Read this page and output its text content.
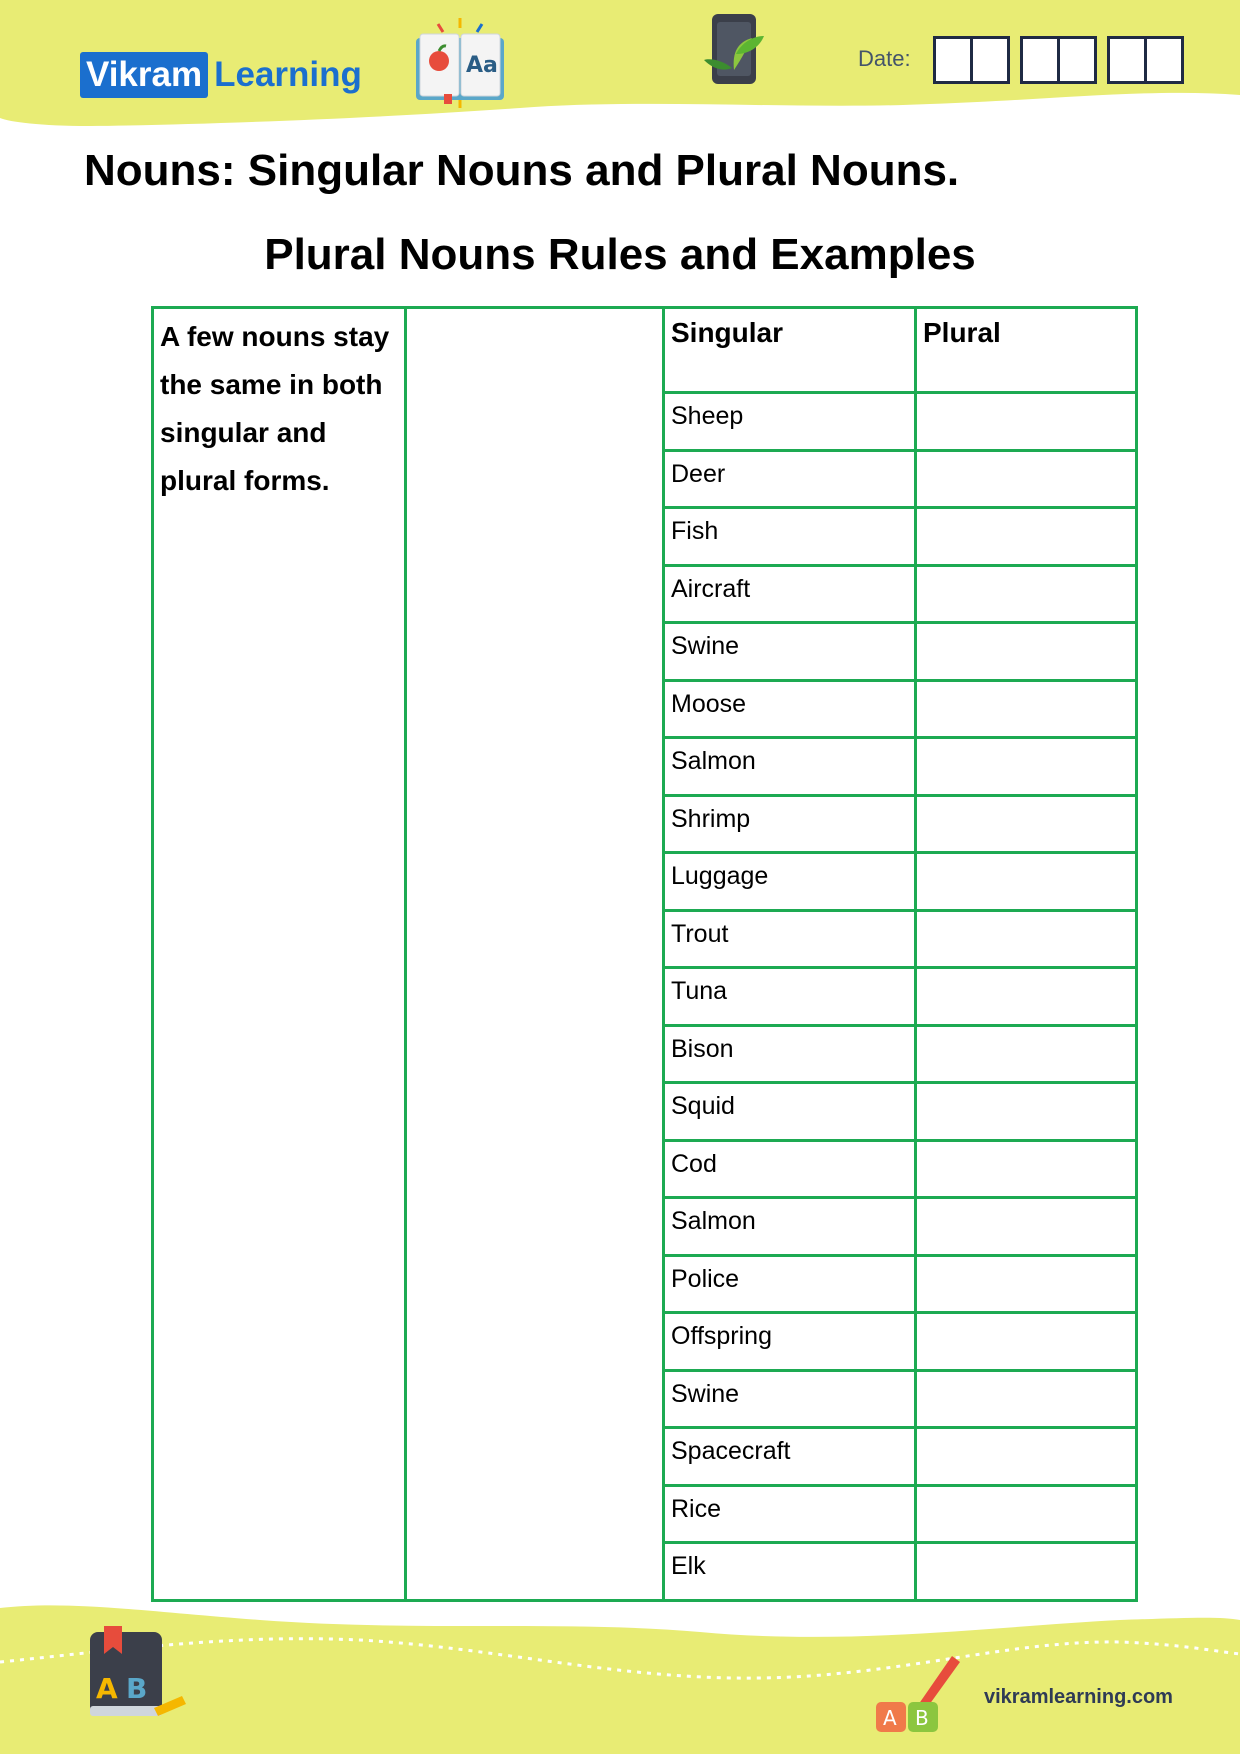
Vikram Learning	Aa	Date:
Nouns: Singular Nouns and Plural Nouns.
Plural Nouns Rules and Examples
A few nouns stay the same in both singular and plural forms.		Singular	Plural
		Sheep	
		Deer	
		Fish	
		Aircraft	
		Swine	
		Moose	
		Salmon	
		Shrimp	
		Luggage	
		Trout	
		Tuna	
		Bison	
		Squid	
		Cod	
		Salmon	
		Police	
		Offspring	
		Swine	
		Spacecraft	
		Rice	
		Elk	
A B
A B
vikramlearning.com
